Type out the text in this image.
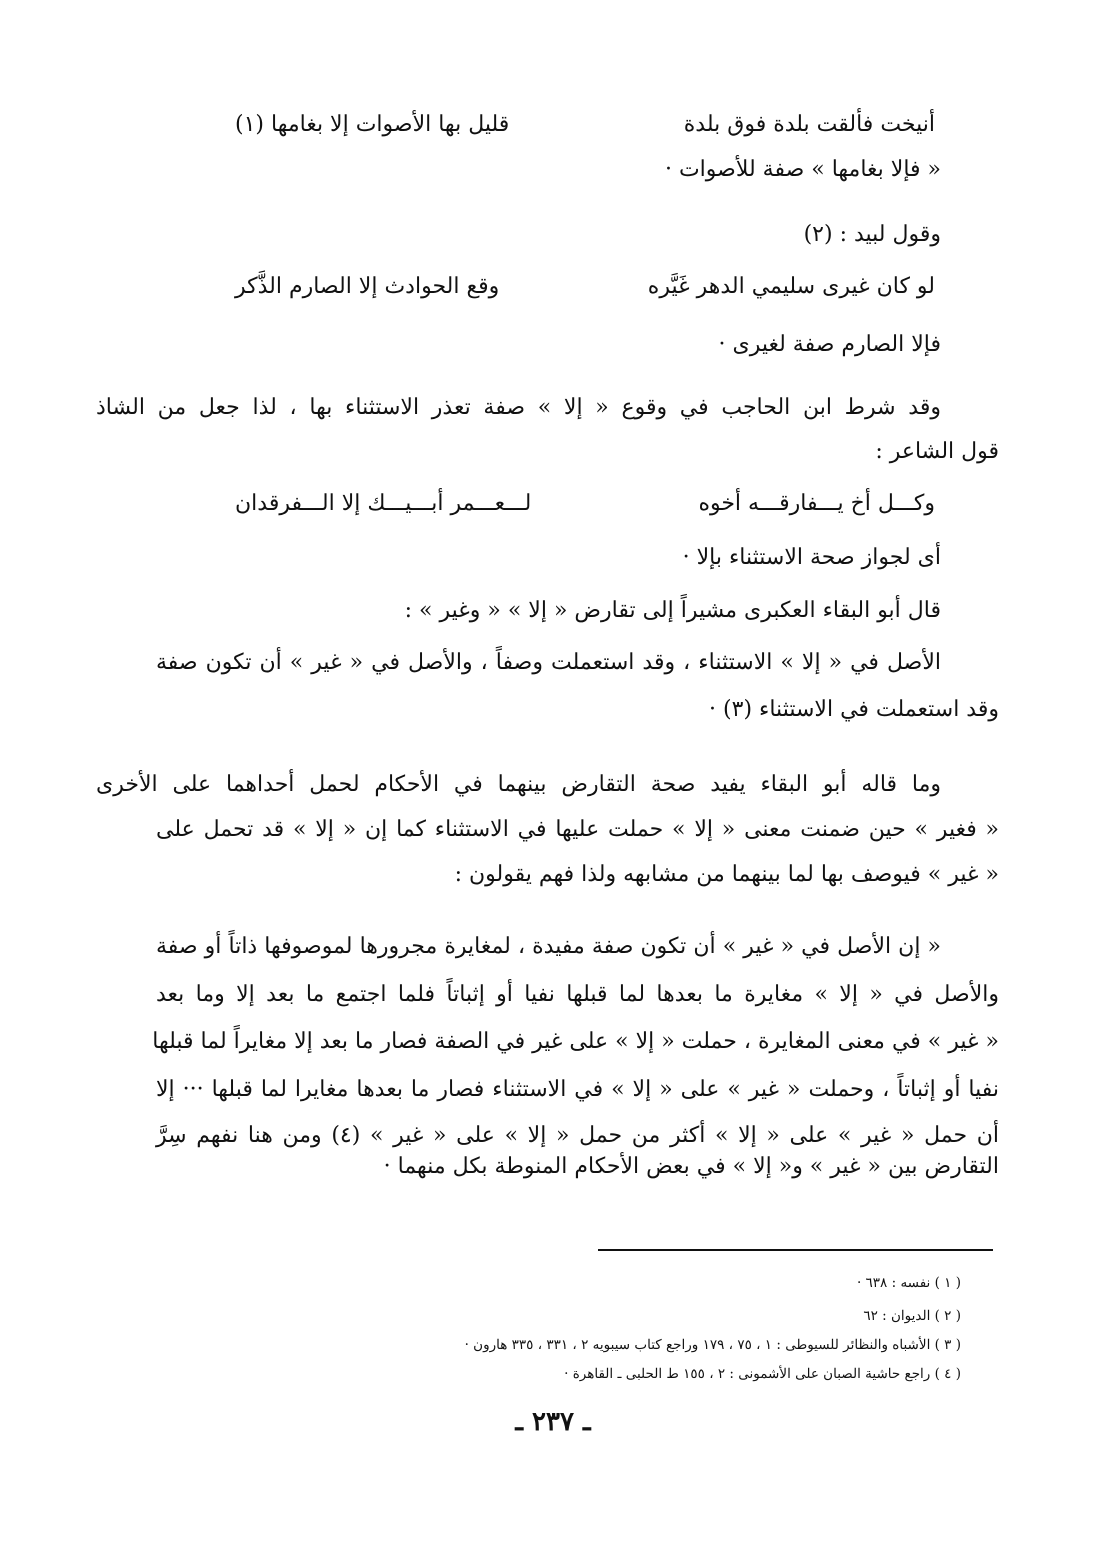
أنيخت فألقت بلدة فوق بلدة
قليل بها الأصوات إلا بغامها (١)

« فإلا بغامها » صفة للأصوات ·

وقول لبيد : (٢)

لو كان غيرى سليمي الدهر غَيَّره
وقع الحوادث إلا الصارم الذَّكر

فإلا الصارم صفة لغيرى ·

وقد شرط ابن الحاجب في وقوع « إلا » صفة تعذر الاستثناء بها ، لذا جعل من الشاذ

قول الشاعر :

وكـــل أخ يـــفارقـــه أخوه
لـــعـــمر أبـــيـــك إلا الـــفرقدان

أى لجواز صحة الاستثناء بإلا ·

قال أبو البقاء العكبرى مشيراً إلى تقارض « إلا » « وغير » :

الأصل في « إلا » الاستثناء ، وقد استعملت وصفاً ، والأصل في « غير » أن تكون صفة

وقد استعملت في الاستثناء (٣) ·

وما قاله أبو البقاء يفيد صحة التقارض بينهما في الأحكام لحمل أحداهما على الأخرى

« فغير » حين ضمنت معنى « إلا » حملت عليها في الاستثناء كما إن « إلا » قد تحمل على

« غير » فيوصف بها لما بينهما من مشابهه ولذا فهم يقولون :

« إن الأصل في « غير » أن تكون صفة مفيدة ، لمغايرة مجرورها لموصوفها ذاتاً أو صفة

والأصل في « إلا » مغايرة ما بعدها لما قبلها نفيا أو إثباتاً فلما اجتمع ما بعد إلا وما بعد

« غير » في معنى المغايرة ، حملت « إلا » على غير في الصفة فصار ما بعد إلا مغايراً لما قبلها

نفيا أو إثباتاً ، وحملت « غير » على « إلا » في الاستثناء فصار ما بعدها مغايرا لما قبلها ··· إلا

أن حمل « غير » على « إلا » أكثر من حمل « إلا » على « غير » (٤) ومن هنا نفهم سِرَّ

التقارض بين « غير » و« إلا » في بعض الأحكام المنوطة بكل منهما ·

( ١ ) نفسه : ٦٣٨ ·

( ٢ ) الديوان : ٦٢

( ٣ ) الأشباه والنظائر للسيوطى : ١ ، ٧٥ ، ١٧٩ وراجع كتاب سيبويه ٢ ، ٣٣١ ، ٣٣٥ هارون ·

( ٤ ) راجع حاشية الصبان على الأشمونى : ٢ ، ١٥٥ ط الحلبى ـ القاهرة ·

ـ ٢٣٧ ـ
